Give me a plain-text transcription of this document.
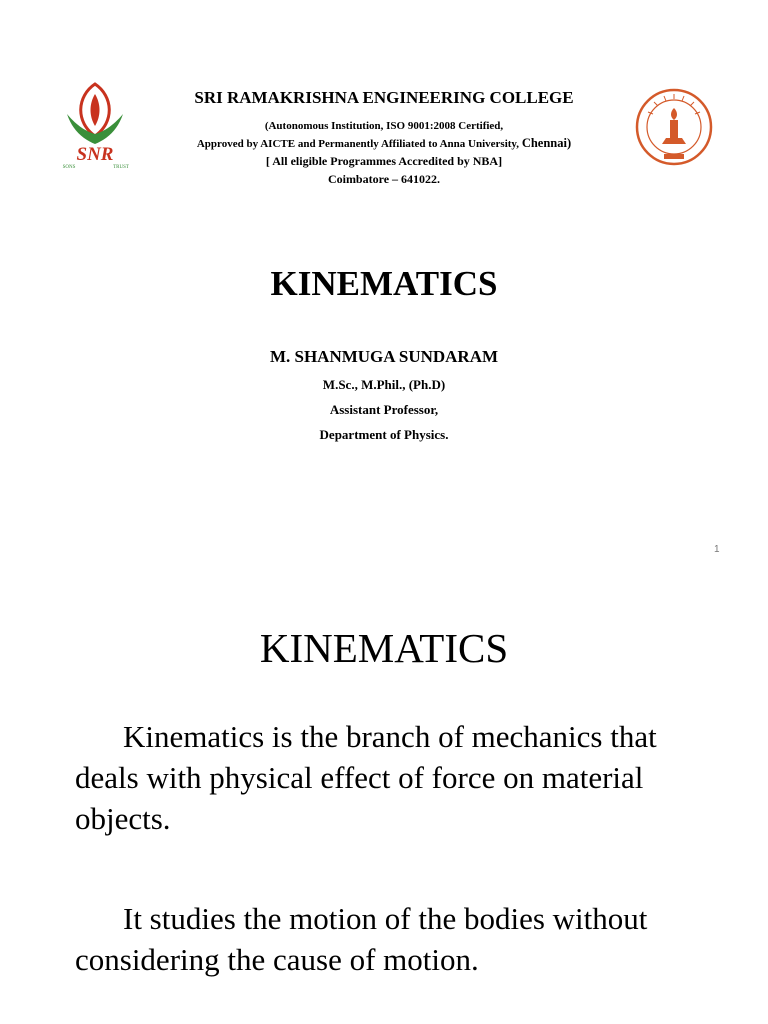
SNR
SONS	TRUST
SRI RAMAKRISHNA ENGINEERING COLLEGE
(Autonomous Institution, ISO 9001:2008 Certified,
Approved by AICTE and Permanently Affiliated to Anna University, Chennai)
[ All eligible Programmes Accredited by NBA]
Coimbatore – 641022.
KINEMATICS
M. SHANMUGA SUNDARAM
M.Sc., M.Phil., (Ph.D)
Assistant Professor,
Department of Physics.
1
KINEMATICS
Kinematics is the branch of mechanics that deals with physical effect of force on material objects.
It studies the motion of the bodies without considering the cause of motion.
